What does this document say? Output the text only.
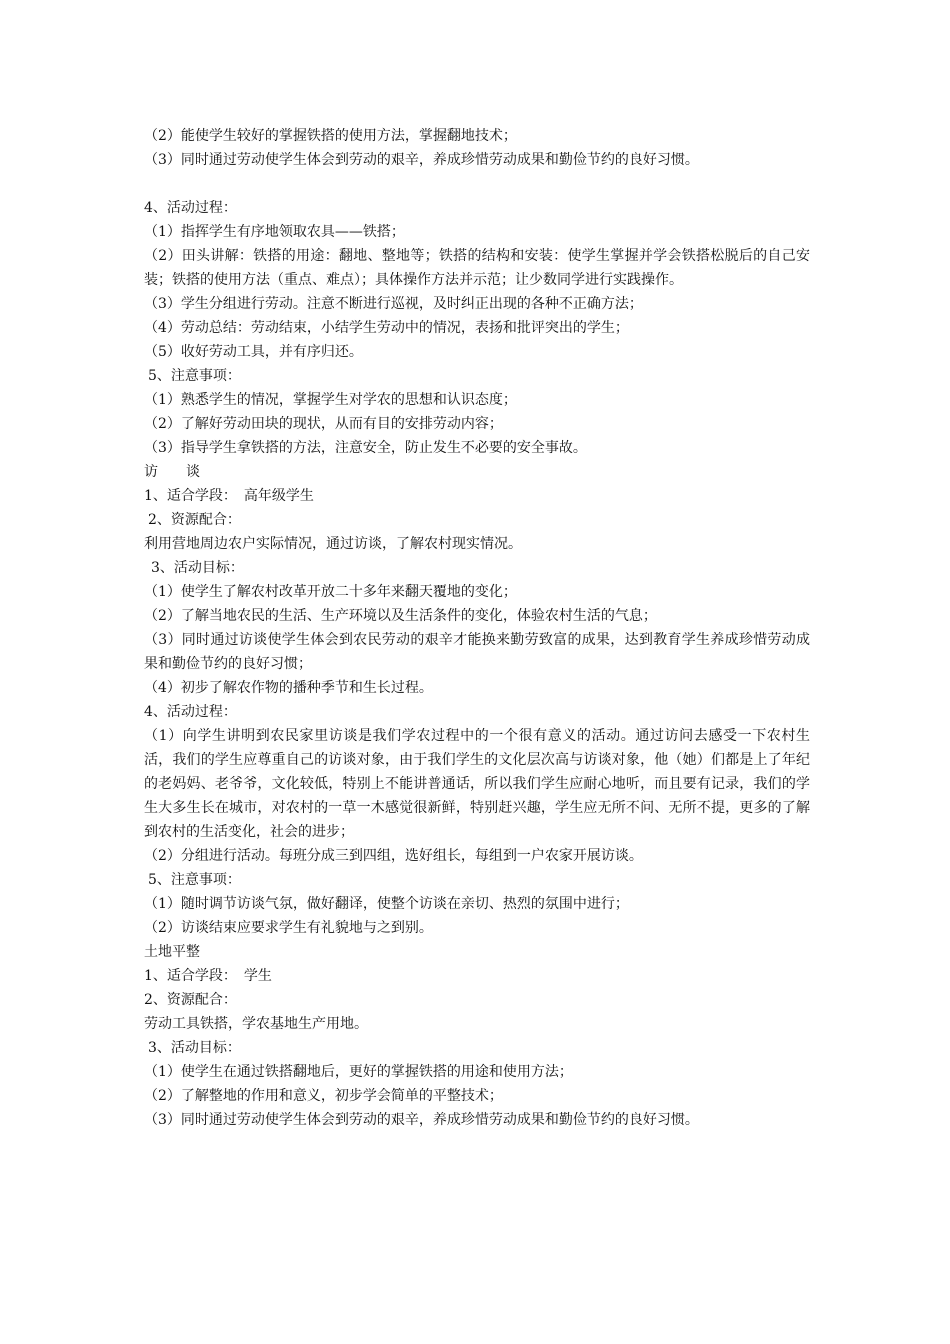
（2）能使学生较好的掌握铁搭的使用方法，掌握翻地技术；
（3）同时通过劳动使学生体会到劳动的艰辛，养成珍惜劳动成果和勤俭节约的良好习惯。
4、活动过程：
（1）指挥学生有序地领取农具——铁搭；
（2）田头讲解：铁搭的用途：翻地、整地等；铁搭的结构和安装：使学生掌握并学会铁搭松脱后的自己安装；铁搭的使用方法（重点、难点）；具体操作方法并示范；让少数同学进行实践操作。
（3）学生分组进行劳动。注意不断进行巡视，及时纠正出现的各种不正确方法；
（4）劳动总结：劳动结束，小结学生劳动中的情况，表扬和批评突出的学生；
（5）收好劳动工具，并有序归还。
5、注意事项：
（1）熟悉学生的情况，掌握学生对学农的思想和认识态度；
（2）了解好劳动田块的现状，从而有目的安排劳动内容；
（3）指导学生拿铁搭的方法，注意安全，防止发生不必要的安全事故。
访　　谈
1、适合学段：　高年级学生
2、资源配合：
利用营地周边农户实际情况，通过访谈，了解农村现实情况。
3、活动目标：
（1）使学生了解农村改革开放二十多年来翻天覆地的变化；
（2）了解当地农民的生活、生产环境以及生活条件的变化，体验农村生活的气息；
（3）同时通过访谈使学生体会到农民劳动的艰辛才能换来勤劳致富的成果，达到教育学生养成珍惜劳动成果和勤俭节约的良好习惯；
（4）初步了解农作物的播种季节和生长过程。
4、活动过程：
（1）向学生讲明到农民家里访谈是我们学农过程中的一个很有意义的活动。通过访问去感受一下农村生活，我们的学生应尊重自己的访谈对象，由于我们学生的文化层次高与访谈对象，他（她）们都是上了年纪的老妈妈、老爷爷，文化较低，特别上不能讲普通话，所以我们学生应耐心地听，而且要有记录，我们的学生大多生长在城市，对农村的一草一木感觉很新鲜，特别赶兴趣，学生应无所不问、无所不提，更多的了解到农村的生活变化，社会的进步；
（2）分组进行活动。每班分成三到四组，选好组长，每组到一户农家开展访谈。
5、注意事项：
（1）随时调节访谈气氛，做好翻译，使整个访谈在亲切、热烈的氛围中进行；
（2）访谈结束应要求学生有礼貌地与之到别。
土地平整
1、适合学段：　学生
2、资源配合：
劳动工具铁搭，学农基地生产用地。
3、活动目标：
（1）使学生在通过铁搭翻地后，更好的掌握铁搭的用途和使用方法；
（2）了解整地的作用和意义，初步学会简单的平整技术；
（3）同时通过劳动使学生体会到劳动的艰辛，养成珍惜劳动成果和勤俭节约的良好习惯。
